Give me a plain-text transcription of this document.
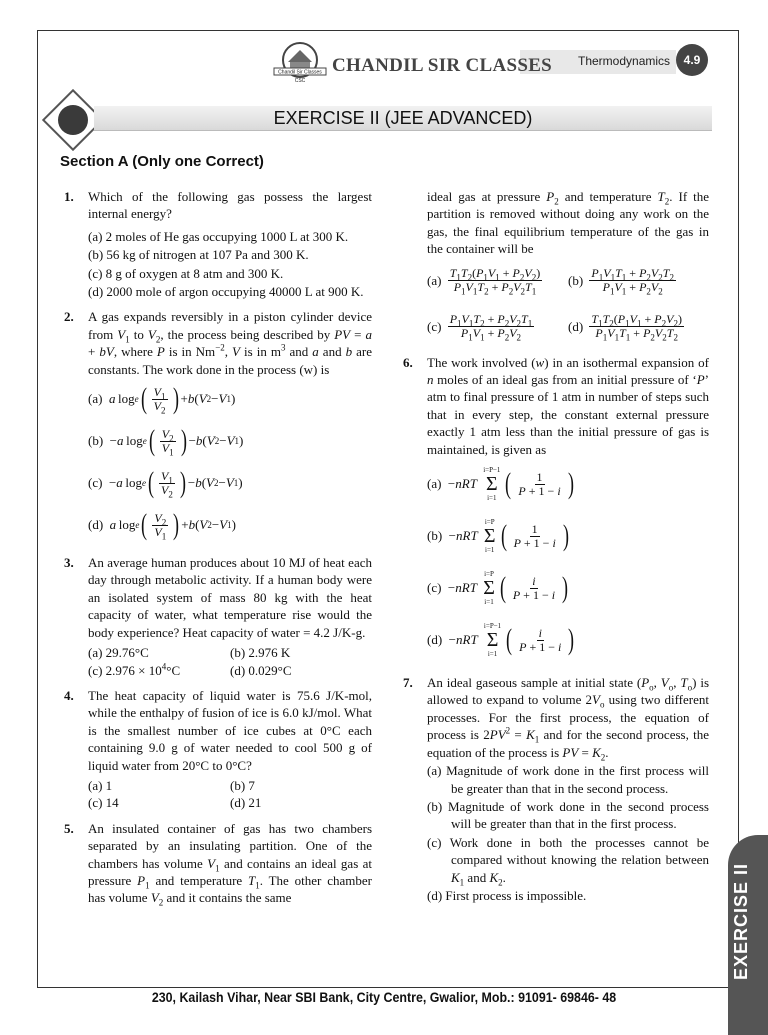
Chandil Sir Classes
CSC
CHANDIL SIR CLASSES Thermodynamics	4.9
EXERCISE II (JEE ADVANCED)
Section A (Only one Correct)
1. Which of the following gas possess the largest internal energy?
(a) 2 moles of He gas occupying 1000 L at 300 K.
(b) 56 kg of nitrogen at 107 Pa and 300 K.
(c) 8 g of oxygen at 8 atm and 300 K.
(d) 2000 mole of argon occupying 40000 L at 900 K.
2. A gas expands reversibly in a piston cylinder device from $V_1$ to $V_2$, the process being described by PV = a + bV, where P is in $Nm^{-2}$, V is in $m^3$ and a and b are constants. The work done in the process (w) is
(a)
a  log e ( $\frac{V_1}{V_2}$ ) + b ( V 2 − V 1 )
(b) − a  log e ( $\frac{V_2}{V_1}$ ) − b ( V 2 − V 1 )
(c) − a  log e ( $\frac{V_1}{V_2}$ ) − b ( V 2 − V 1 )
(d)
a  log e ( $\frac{V_2}{V_1}$ ) + b ( V 2 − V 1 )
3. An average human produces about 10 MJ of heat each day through metabolic activity. If a human body were an isolated system of mass 80 kg with the heat capacity of water, what temperature rise would the body experience? Heat capacity of water = 4.2 J/K-g.
(a) 29.76°C	(b) 2.976 K
(c) $2.976 \times 10^4^\circ C$	(d) 0.029°C
4. The heat capacity of liquid water is 75.6 J/K-mol, while the enthalpy of fusion of ice is 6.0 kJ/mol. What is the smallest number of ice cubes at 0°C each containing 9.0 g of water needed to cool 500 g of liquid water from 20°C to 0°C?
(a) 1	(b) 7
(c) 14	(d) 21
5. An insulated container of gas has two chambers separated by an insulating partition. One of the chambers has volume $V_1$ and contains an ideal gas at pressure $P_1$ and temperature $T_1$. The other chamber has volume $V_2$ and it contains the same
ideal gas at pressure $P_2$ and temperature $T_2$. If the partition is removed without doing any work on the gas, the final equilibrium temperature of the gas in the container will be
$(a) \frac{T_1T_2(P_1V_1 + P_2V_2)}{P_1V_1T_2 + P_2V_2T_1} (b) \frac{P_1V_1T_1 + P_2V_2T_2}{P_1V_1 + P_2V_2}$
$(c) \frac{P_1V_1T_2 + P_2V_2T_1}{P_1V_1 + P_2V_2}$	$(d) \frac{T_1T_2(P_1V_1 + P_2V_2)}{P_1V_1T_1 + P_2V_2T_2}$
6. The work involved (w) in an isothermal expansion of n moles of an ideal gas from an initial pressure of ‘P’ atm to final pressure of 1 atm in number of steps such that in every step, the constant external pressure exactly 1 atm less than the initial pressure of gas is maintained, is given as
(a)  − nRT

i=P−1
Σ
i=1 ( $\frac{1}{P + 1 - i}$ )
(b)  − nRT

i=P
Σ
i=1 ( $\frac{1}{P + 1 - i}$ )
(c)  − nRT

i=P
Σ
i=1 ( $\frac{i}{P + 1 - i}$ )
(d)  − nRT

i=P−1
Σ
i=1 ( $\frac{i}{P + 1 - i}$ )
7. An ideal gaseous sample at initial state ($P_o$, $V_o$, $T_o$) is allowed to expand to volume $2V_o$ using two different processes. For the first process, the equation of process is $2PV^2 = K_1$ and for the second process, the equation of the process is PV = $K_2$.
(a) Magnitude of work done in the first process will be greater than that in the second process.
(b) Magnitude of work done in the second process will be greater than that in the first process.
(c) Work done in both the processes cannot be compared without knowing the relation between $K_1$ and $K_2$.
(d) First process is impossible.	EXERCISE II
230, Kailash Vihar, Near SBI Bank, City Centre, Gwalior, Mob.: 91091- 69846- 48
